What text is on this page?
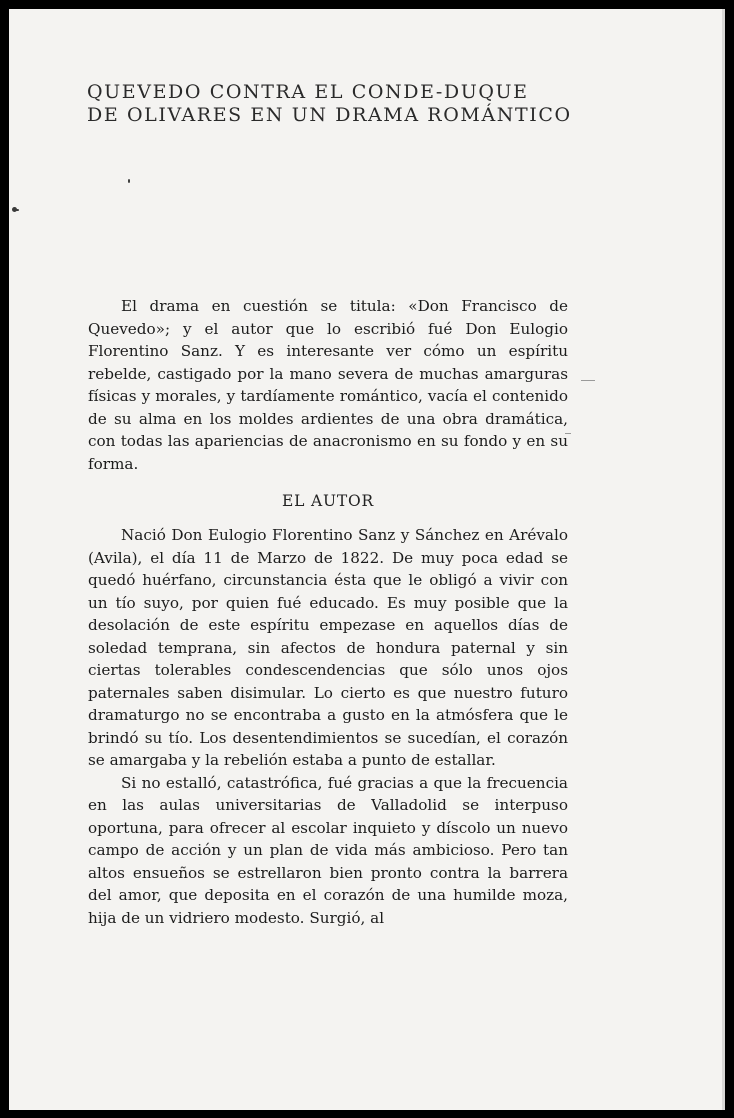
QUEVEDO CONTRA EL CONDE-DUQUE
DE OLIVARES EN UN DRAMA ROMÁNTICO

El drama en cuestión se titula: «Don Francisco de Quevedo»; y el autor que lo escribió fué Don Eulogio Florentino Sanz. Y es interesante ver cómo un espíritu rebelde, castigado por la mano severa de muchas amarguras físicas y morales, y tardíamente romántico, vacía el contenido de su alma en los moldes ardientes de una obra dramática, con todas las apariencias de anacronismo en su fondo y en su forma.

EL AUTOR

Nació Don Eulogio Florentino Sanz y Sánchez en Arévalo (Avila), el día 11 de Marzo de 1822. De muy poca edad se quedó huérfano, circunstancia ésta que le obligó a vivir con un tío suyo, por quien fué educado. Es muy posible que la desolación de este espíritu empezase en aquellos días de soledad temprana, sin afectos de hondura paternal y sin ciertas tolerables condescendencias que sólo unos ojos paternales saben disimular. Lo cierto es que nuestro futuro dramaturgo no se encontraba a gusto en la atmósfera que le brindó su tío. Los desentendimientos se sucedían, el corazón se amargaba y la rebelión estaba a punto de estallar.

Si no estalló, catastrófica, fué gracias a que la frecuencia en las aulas universitarias de Valladolid se interpuso oportuna, para ofrecer al escolar inquieto y díscolo un nuevo campo de acción y un plan de vida más ambicioso. Pero tan altos ensueños se estrellaron bien pronto contra la barrera del amor, que deposita en el corazón de una humilde moza, hija de un vidriero modesto. Surgió, al
